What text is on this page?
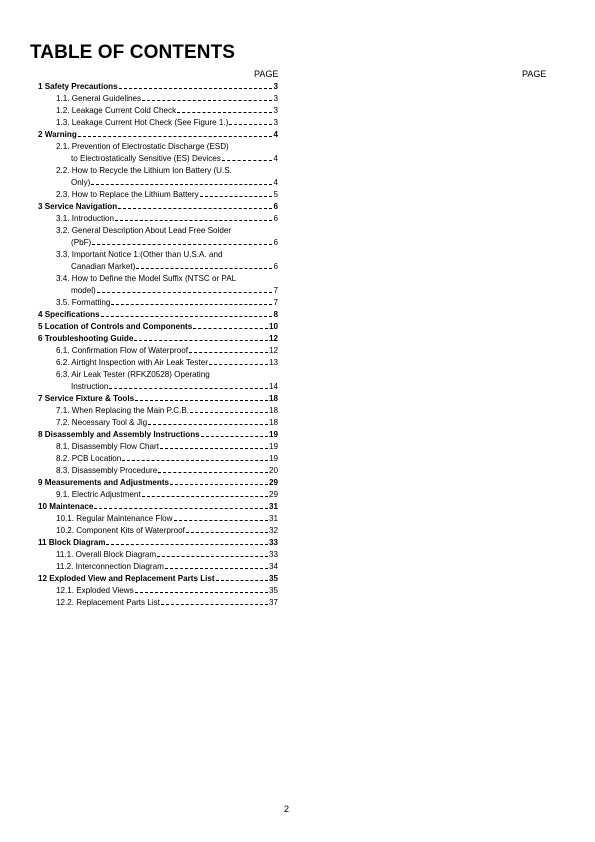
TABLE OF CONTENTS
PAGE	PAGE
1 Safety Precautions	3
1.1. General Guidelines	3
1.2. Leakage Current Cold Check	3
1.3. Leakage Current Hot Check (See Figure 1.)	3
2 Warning	4
2.1. Prevention of Electrostatic Discharge (ESD)
to Electrostatically Sensitive (ES) Devices	4
2.2. How to Recycle the Lithium Ion Battery (U.S.
Only)	4
2.3. How to Replace the Lithium Battery	5
3 Service Navigation	6
3.1. Introduction	6
3.2. General Description About Lead Free Solder
(PbF)	6
3.3. Important Notice 1:(Other than U.S.A. and
Canadian Market)	6
3.4. How to Define the Model Suffix (NTSC or PAL
model)	7
3.5. Formatting	7
4 Specifications	8
5 Location of Controls and Components	10
6 Troubleshooting Guide	12
6.1. Confirmation Flow of Waterproof	12
6.2. Airtight Inspection with Air Leak Tester	13
6.3. Air Leak Tester (RFKZ0528) Operating
Instruction	14
7 Service Fixture & Tools	18
7.1. When Replacing the Main P.C.B.	18
7.2. Necessary Tool & Jig	18
8 Disassembly and Assembly Instructions	19
8.1. Disassembly Flow Chart	19
8.2. PCB Location	19
8.3. Disassembly Procedure	20
9 Measurements and Adjustments	29
9.1. Electric Adjustment	29
10 Maintenace	31
10.1. Regular Maintenance Flow	31
10.2. Component Kits of Waterproof	32
11 Block Diagram	33
11.1. Overall Block Diagram	33
11.2. Interconnection Diagram	34
12 Exploded View and Replacement Parts List	35
12.1. Exploded Views	35
12.2. Replacement Parts List	37
2
